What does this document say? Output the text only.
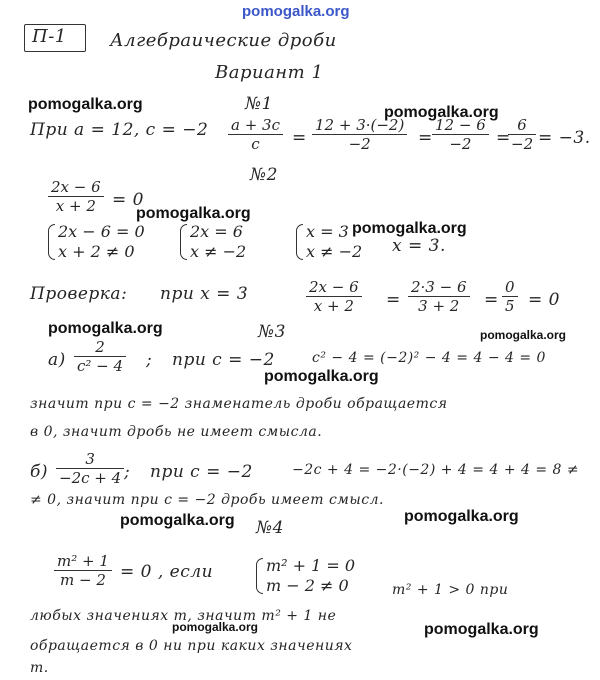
pomogalka.org
П-1 Алгебраические дроби
Вариант 1
№1
При a = 12, c = −2 a + 3c
c =
12 + 3·(−2)
−2	=
12 − 6
−2 =
6
−2 = −3.
№2
2x − 6
x + 2 = 0
2x − 6 = 0
x + 2 ≠ 0
2x = 6
x ≠ −2
x = 3
x ≠ −2 x = 3.
Проверка: при x = 3	2x − 6
x + 2 =
2·3 − 6
3 + 2 =
0
5 = 0
№3
а)
2
c² − 4 ; при c = −2	c² − 4 = (−2)² − 4 = 4 − 4 = 0
значит при c = −2 знаменатель дроби обращается
в 0, значит дробь не имеет смысла.
б)
3
−2c + 4 ; при c = −2	−2c + 4 = −2·(−2) + 4 = 4 + 4 = 8 ≠
≠ 0, значит при c = −2 дробь имеет смысл.
№4
m² + 1
m − 2 = 0 , если	m² + 1 = 0
m − 2 ≠ 0	m² + 1 > 0 при
любых значениях m, значит m² + 1 не
обращается в 0 ни при каких значениях
m.
pomogalka.org	pomogalka.org
pomogalka.org
pomogalka.org
pomogalka.org	pomogalka.org
pomogalka.org
pomogalka.org	pomogalka.org
pomogalka.org	pomogalka.org
